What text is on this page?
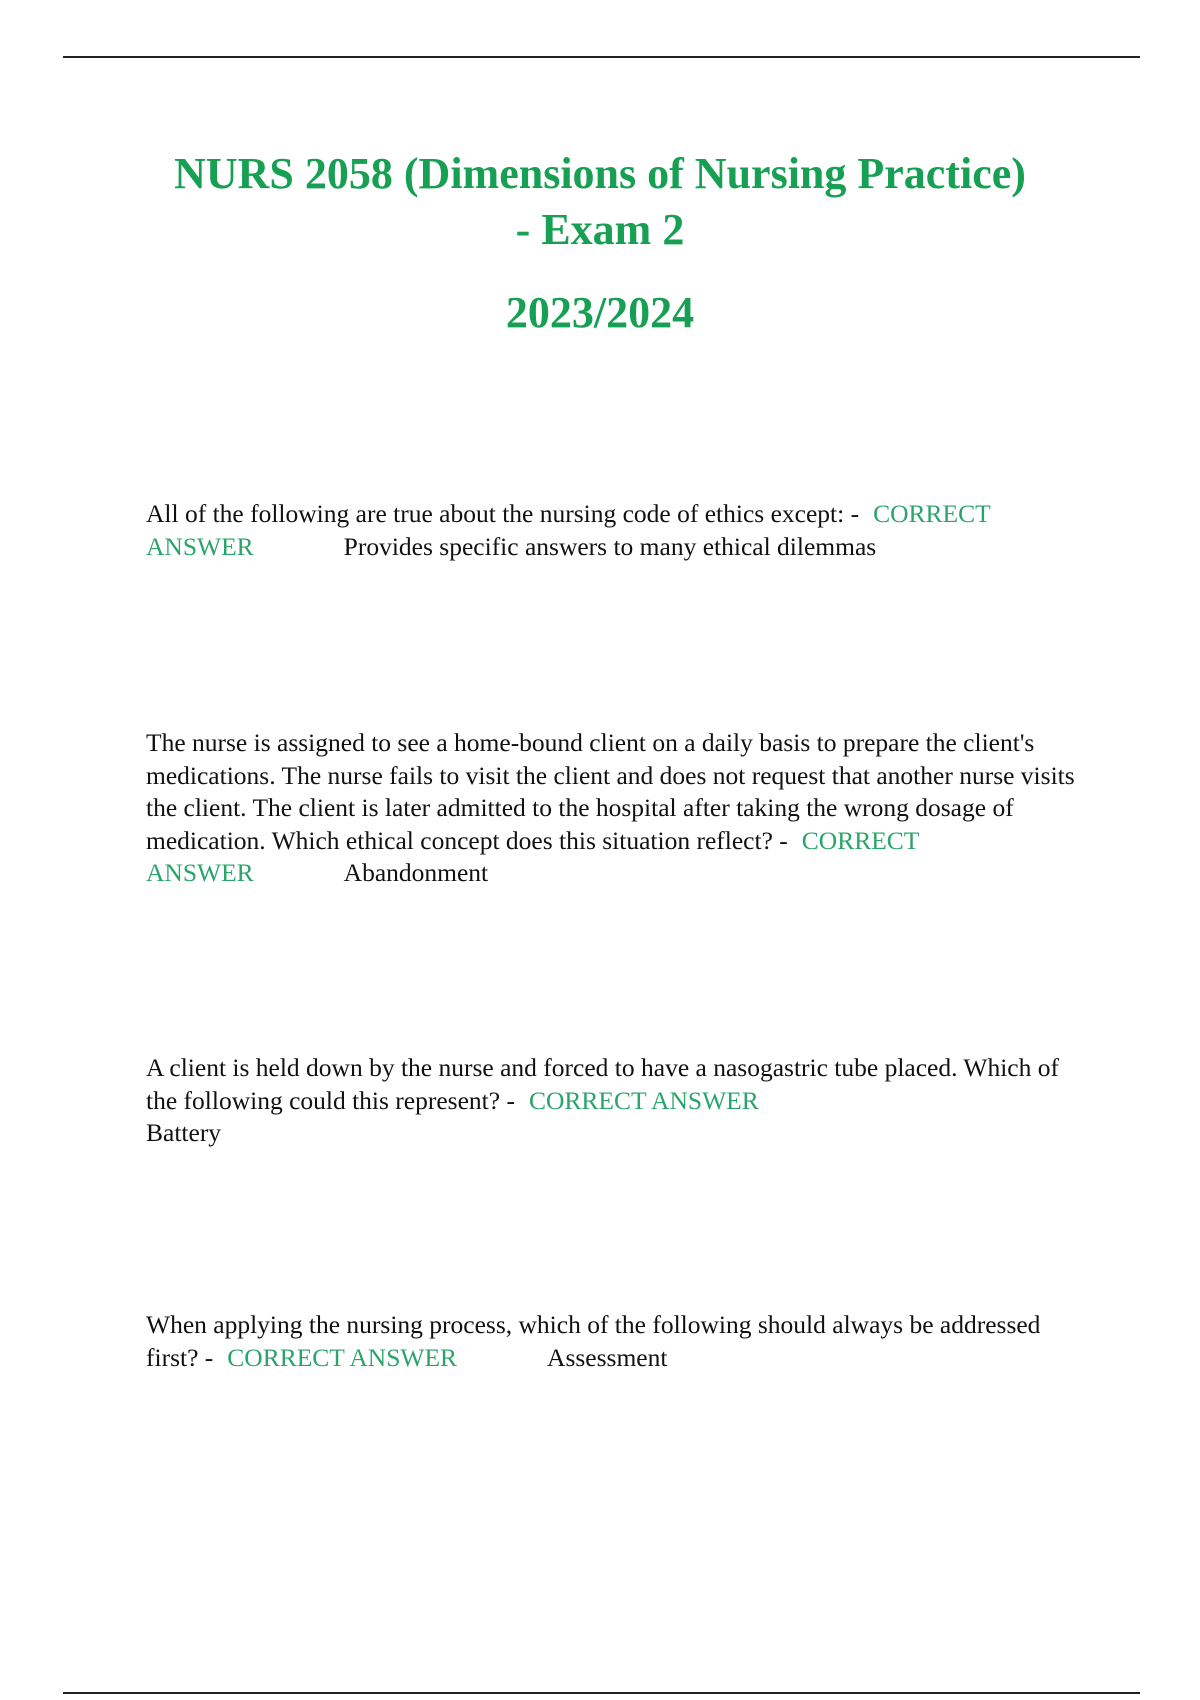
NURS 2058 (Dimensions of Nursing Practice)
- Exam 2
2023/2024
All of the following are true about the nursing code of ethics except: - CORRECT ANSWER	Provides specific answers to many ethical dilemmas
The nurse is assigned to see a home-bound client on a daily basis to prepare the client's medications. The nurse fails to visit the client and does not request that another nurse visits the client. The client is later admitted to the hospital after taking the wrong dosage of medication. Which ethical concept does this situation reflect? - CORRECT ANSWER	Abandonment
A client is held down by the nurse and forced to have a nasogastric tube placed. Which of the following could this represent? - CORRECT ANSWER
Battery
When applying the nursing process, which of the following should always be addressed first? - CORRECT ANSWER	Assessment
